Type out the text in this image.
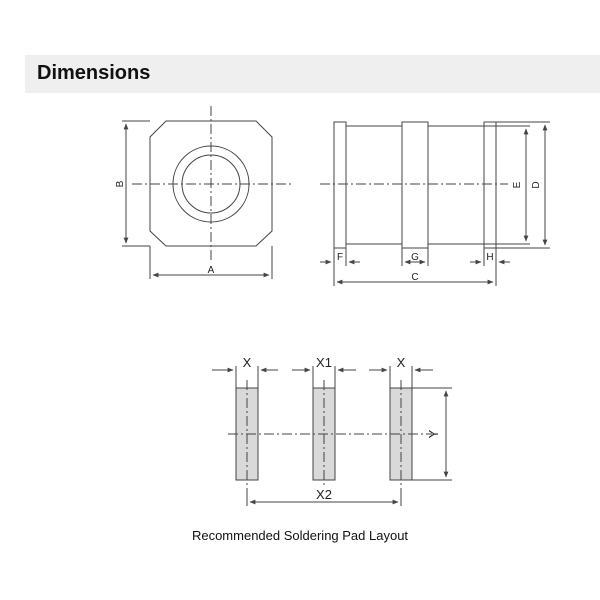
Dimensions
A
B
F	G	H
C
E D
X	X1	X
Y
X2
Recommended Soldering Pad Layout
